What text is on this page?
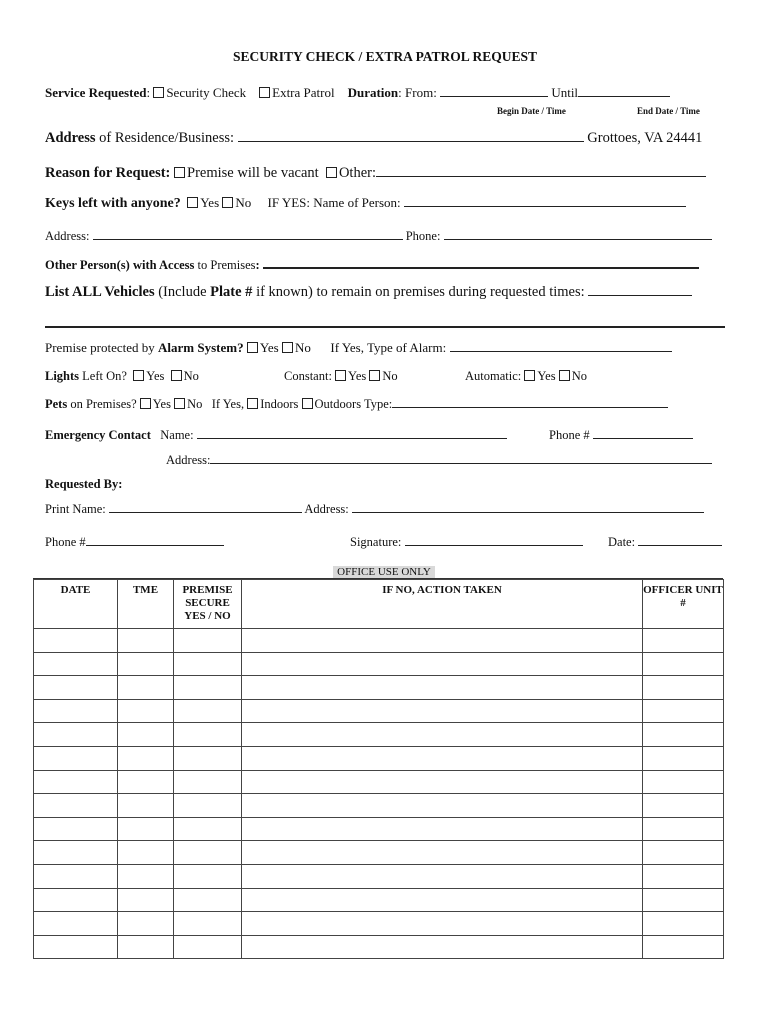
SECURITY CHECK / EXTRA PATROL REQUEST
Service Requested: Security Check Extra Patrol Duration: From:	Until
Begin Date / Time	End Date / Time
Address of Residence/Business:	Grottoes, VA 24441
Reason for Request: Premise will be vacant Other:
Keys left with anyone? Yes No IF YES: Name of Person:
Address:	Phone:
Other Person(s) with Access to Premises:
List ALL Vehicles (Include Plate # if known) to remain on premises during requested times:
Premise protected by Alarm System? Yes No If Yes, Type of Alarm:
Lights Left On? Yes No	Constant: Yes No	Automatic: Yes No
Pets on Premises? Yes No If Yes, Indoors Outdoors Type:
Emergency Contact Name:	Phone #
Address:
Requested By:
Print Name:	Address:
Phone #	Signature:	Date:
OFFICE USE ONLY
DATE	TME	PREMISE SECURE YES / NO	IF NO, ACTION TAKEN	OFFICER UNIT #
